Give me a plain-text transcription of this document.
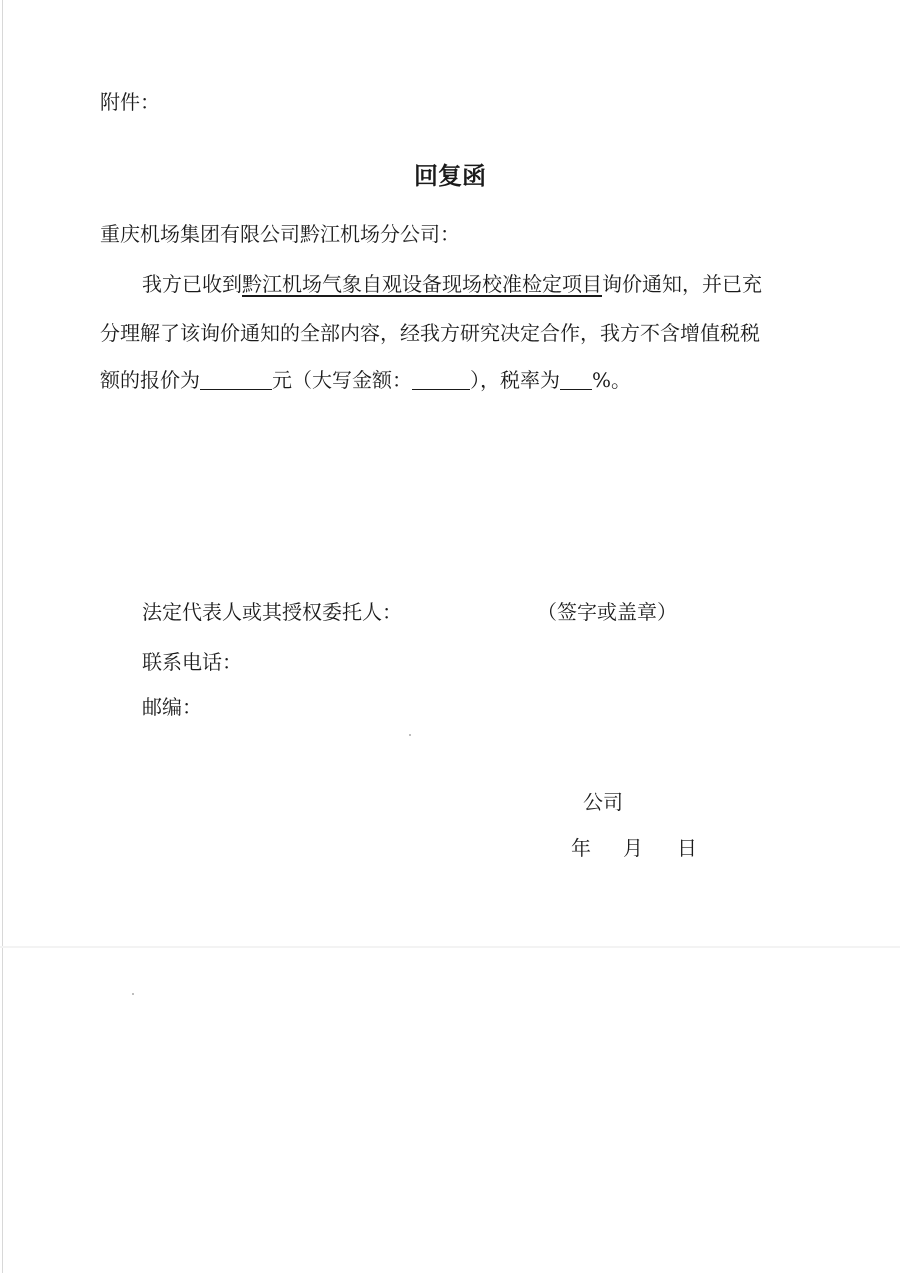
附件：
回复函
重庆机场集团有限公司黔江机场分公司：
我方已收到黔江机场气象自观设备现场校准检定项目询价通知，并已充
分理解了该询价通知的全部内容，经我方研究决定合作，我方不含增值税税
额的报价为	元（大写金额：	），税率为 %。
法定代表人或其授权委托人：	（签字或盖章）
联系电话：
邮编：
公司
年 月 日
